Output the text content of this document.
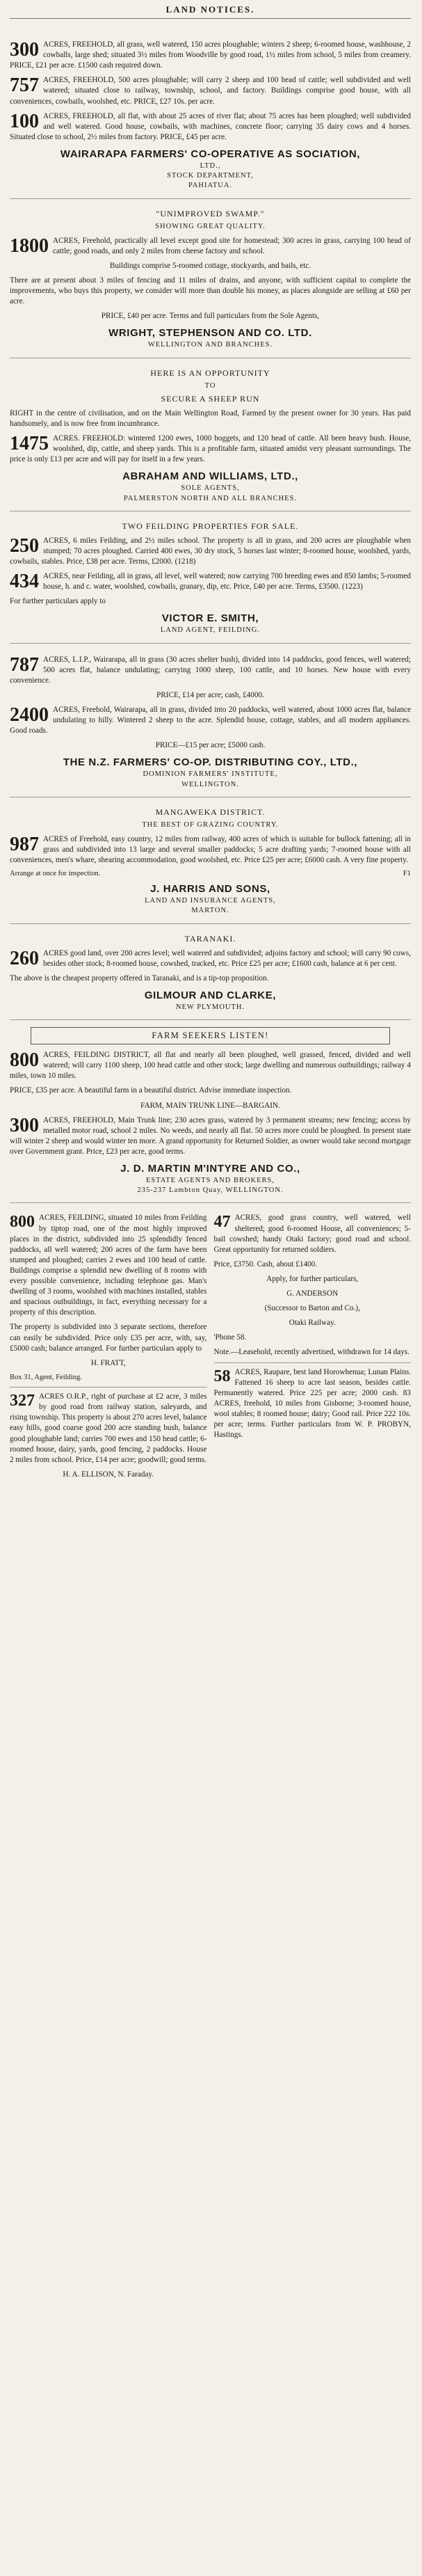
LAND NOTICES.
300 ACRES, FREEHOLD, all grass, well watered, 150 acres ploughable; winters 2 sheep; 6-roomed house, washhouse, 2 cowballs, large shed; situated 3½ miles from Woodville by good road, 1½ miles from school, 5 miles from creamery. PRICE, £21 per acre. £1500 cash required down.
757 ACRES, FREEHOLD, 500 acres ploughable; will carry 2 sheep and 100 head of cattle; well subdivided and well watered; situated close to railway, township, school, and factory. Buildings comprise good house, with all conveniences, cowbails, woolshed, etc. PRICE, £27 10s. per acre.
100 ACRES, FREEHOLD, all flat, with about 25 acres of river flat; about 75 acres has been ploughed; well subdivided and well watered. Good house, cowbails, with machines, concrete floor; carrying 35 dairy cows and 4 horses. Situated close to school, 2½ miles from factory. PRICE, £45 per acre.
WAIRARAPA FARMERS' CO-OPERATIVE AS SOCIATION,
LTD.,
STOCK DEPARTMENT,
PAHIATUA.
"UNIMPROVED SWAMP."
SHOWING GREAT QUALITY.
1800 ACRES, Freehold, practically all level except good site for homestead; 300 acres in grass, carrying 100 head of cattle; good roads, and only 2 miles from cheese factory and school.
Buildings comprise 5-roomed cottage, stockyards, and bails, etc.
There are at present about 3 miles of fencing and 11 miles of drains, and anyone, with sufficient capital to complete the improvements, who buys this property, we consider will more than double his money, as places alongside are selling at £60 per acre.
PRICE, £40 per acre. Terms and full particulars from the Sole Agents,
WRIGHT, STEPHENSON AND CO. LTD.
WELLINGTON AND BRANCHES.
HERE IS AN OPPORTUNITY
TO
SECURE A SHEEP RUN
RIGHT in the centre of civilisation, and on the Main Wellington Road, Farmed by the present owner for 30 years. Has paid handsomely, and is now free from incumbrance.
1475 ACRES. FREEHOLD: wintered 1200 ewes, 1000 hoggets, and 120 head of cattle. All been heavy bush. House, woolshed, dip, cattle, and sheep yards. This is a profitable farm, situated amidst very pleasant surroundings. The price is only £13 per acre and will pay for itself in a few years.
ABRAHAM AND WILLIAMS, LTD.,
SOLE AGENTS,
PALMERSTON NORTH AND ALL BRANCHES.
TWO FEILDING PROPERTIES FOR SALE.
250 ACRES, 6 miles Feilding, and 2½ miles school. The property is all in grass, and 200 acres are ploughable when stumped; 70 acres ploughed. Carried 400 ewes, 30 dry stock, 5 horses last winter; 8-roomed house, woolshed, yards, cowbails, stables. Price, £38 per acre. Terms, £2000. (1218)
434 ACRES, near Feilding, all in grass, all level, well watered; now carrying 700 breeding ewes and 850 lambs; 5-roomed house, h. and c. water, woolshed, cowbails, granary, dip, etc. Price, £40 per acre. Terms, £3500. (1223)
For further particulars apply to
VICTOR E. SMITH,
LAND AGENT, FEILDING.
787 ACRES, L.I.P., Wairarapa, all in grass (30 acres shelter bush), divided into 14 paddocks, good fences, well watered; 500 acres flat, balance undulating; carrying 1000 sheep, 100 cattle, and 10 horses. New house with every convenience.
PRICE, £14 per acre; cash, £4000.
2400 ACRES, Freehold, Wairarapa, all in grass, divided into 20 paddocks, well watered, about 1000 acres flat, balance undulating to hilly. Wintered 2 sheep to the acre. Splendid house, cottage, stables, and all modern appliances. Good roads.
PRICE—£15 per acre; £5000 cash.
THE N.Z. FARMERS' CO-OP. DISTRIBUTING COY., LTD.,
DOMINION FARMERS' INSTITUTE,
WELLINGTON.
MANGAWEKA DISTRICT.
THE BEST OF GRAZING COUNTRY.
987 ACRES of Freehold, easy country, 12 miles from railway, 400 acres of which is suitable for bullock fattening; all in grass and subdivided into 13 large and several smaller paddocks; 5 acre drafting yards; 7-roomed house with all conveniences, men's whare, shearing accommodation, good woolshed, etc. Price £25 per acre; £6000 cash. A very fine property.
Arrange at once for inspection.	F1
J. HARRIS AND SONS,
LAND AND INSURANCE AGENTS,
MARTON.
TARANAKI.
260 ACRES good land, over 200 acres level; well watered and subdivided; adjoins factory and school; will carry 90 cows, besides other stock; 8-roomed house, cowshed, tracked, etc. Price £25 per acre; £1600 cash, balance at 6 per cent.
The above is the cheapest property offered in Taranaki, and is a tip-top proposition.
GILMOUR AND CLARKE,
NEW PLYMOUTH.
FARM SEEKERS LISTEN!
800 ACRES, FEILDING DISTRICT, all flat and nearly all been ploughed, well grassed, fenced, divided and well watered; will carry 1100 sheep, 100 head cattle and other stock; large dwelling and numerous outbuildings; railway 4 miles, town 10 miles.
PRICE, £35 per acre. A beautiful farm in a beautiful district. Advise immediate inspection.
FARM, MAIN TRUNK LINE—BARGAIN.
300 ACRES, FREEHOLD, Main Trunk line; 230 acres grass, watered by 3 permanent streams; new fencing; access by metalled motor road, school 2 miles. No weeds, and nearly all flat. 50 acres more could be ploughed. In present state will winter 2 sheep and would winter ten more. A grand opportunity for Returned Soldier, as owner would take second mortgage over Government grant. Price, £23 per acre, good terms.
J. D. MARTIN M'INTYRE AND CO.,
ESTATE AGENTS AND BROKERS,
235-237 Lambton Quay, WELLINGTON.
800 ACRES, FEILDING, situated 10 miles from Feilding by tiptop road, one of the most highly improved places in the district, subdivided into 25 splendidly fenced paddocks, all well watered; 200 acres of the farm have been stumped and ploughed; carries 2 ewes and 100 head of cattle. Buildings comprise a splendid new dwelling of 8 rooms with every possible convenience, including telephone gas. Man's dwelling of 3 rooms, woolshed with machines installed, stables and spacious outbuildings, in fact, everything necessary for a property of this description.
The property is subdivided into 3 separate sections, therefore can easily be subdivided. Price only £35 per acre, with, say, £5000 cash; balance arranged. For further particulars apply to
H. FRATT,
Box 31, Agent, Feilding.
327 ACRES O.R.P., right of purchase at £2 acre, 3 miles by good road from railway station, saleyards, and rising township. This property is about 270 acres level, balance easy hills, good coarse good 200 acre standing bush, balance good ploughable land; carries 700 ewes and 150 head cattle; 6-roomed house, dairy, yards, good fencing, 2 paddocks. House 2 miles from school. Price, £14 per acre; goodwill; good terms.
H. A. ELLISON, N. Faraday.
47 ACRES, good grass country, well watered, well sheltered; good 6-roomed House, all conveniences; 5-bail cowshed; handy Otaki factory; good road and school. Great opportunity for returned soldiers.
Price, £3750. Cash, about £1400.
Apply, for further particulars,
G. ANDERSON
(Successor to Barton and Co.),
Otaki Railway.
'Phone 58.
Note.—Leasehold, recently advertised, withdrawn for 14 days.
58 ACRES, Raupare, best land Horowhenua; Lunan Plains. Fattened 16 sheep to acre last season, besides cattle. Permanently watered. Price 225 per acre; 2000 cash. 83 ACRES, freehold, 10 miles from Gisborne; 3-roomed house, wool stables; 8 roomed house; dairy; Good rail. Price 222 10s. per acre; terms. Further particulars from W. P. PROBYN, Hastings.
